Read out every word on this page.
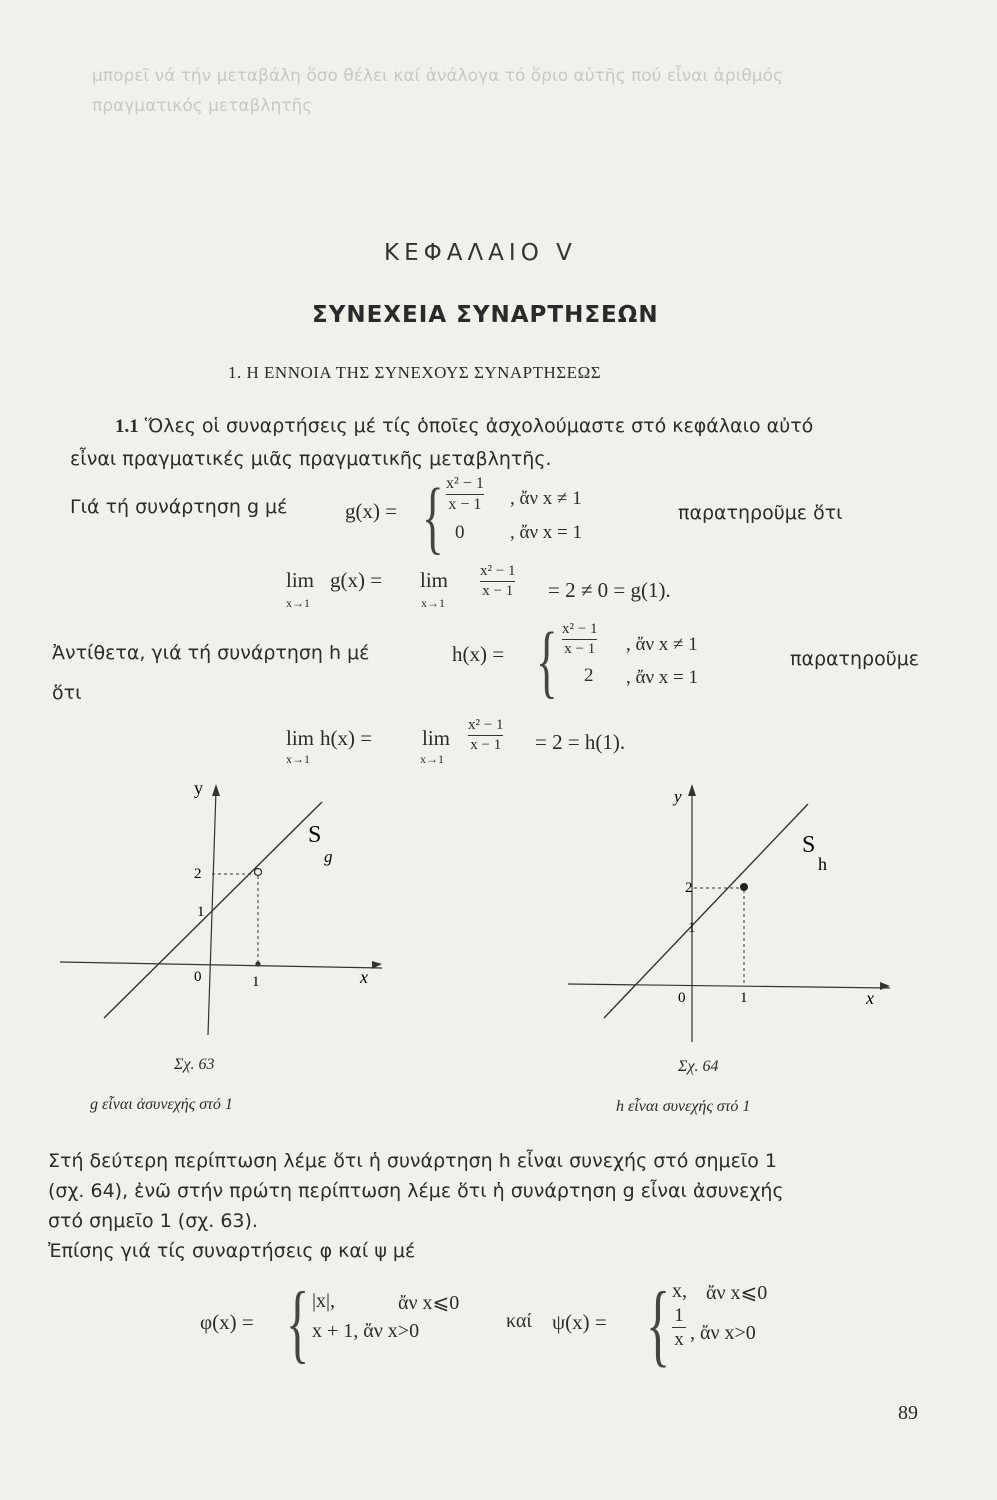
μπορεῖ νά τήν μεταβάλη ὅσο θέλει καί ἀνάλογα τό ὅριο αὐτῆς πού εἶναι ἀριθμός
πραγματικός μεταβλητῆς
ΚΕΦΑΛΑΙΟ V
ΣΥΝΕΧΕΙΑ ΣΥΝΑΡΤΗΣΕΩΝ
1. Η ΕΝΝΟΙΑ ΤΗΣ ΣΥΝΕΧΟΥΣ ΣΥΝΑΡΤΗΣΕΩΣ
1.1 Ὅλες οἱ συναρτήσεις μέ τίς ὁποῖες ἀσχολούμαστε στό κεφάλαιο αὐτό
εἶναι πραγματικές μιᾶς πραγματικῆς μεταβλητῆς.
Γιά τή συνάρτηση g μέ	g(x) = { x² − 1
x − 1 , ἄν x ≠ 1
0 , ἄν x = 1
παρατηροῦμε ὅτι
lim
x→1
g(x) = lim
x→1
x² − 1
x − 1 = 2 ≠ 0 = g(1).
Ἀντίθετα, γιά τή συνάρτηση h μέ	h(x) = { x² − 1
x − 1 , ἄν x ≠ 1
2 , ἄν x = 1
παρατηροῦμε
ὅτι
lim
x→1
h(x) = lim
x→1
x² − 1
x − 1 = 2 = h(1).
y
x
S
g
2
1
0	1
Σχ. 63
g εἶναι ἀσυνεχής στό 1
y
x
S
h
2
1
0	1
Σχ. 64
h εἶναι συνεχής στό 1
Στή δεύτερη περίπτωση λέμε ὅτι ἡ συνάρτηση h εἶναι συνεχής στό σημεῖο 1
(σχ. 64), ἐνῶ στήν πρώτη περίπτωση λέμε ὅτι ἡ συνάρτηση g εἶναι ἀσυνεχής
στό σημεῖο 1 (σχ. 63).
Ἐπίσης γιά τίς συναρτήσεις φ καί ψ μέ
φ(x) = { |x|,	ἄν x⩽0
x + 1, ἄν x>0	καί ψ(x) = { x, ἄν x⩽0
1
x , ἄν x>0
89
